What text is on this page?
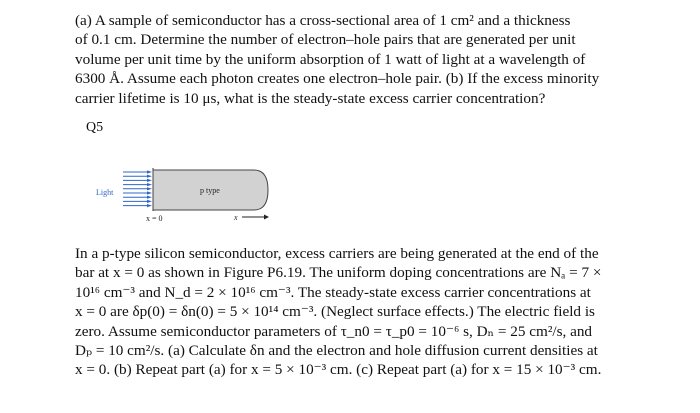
(a) A sample of semiconductor has a cross-sectional area of 1 cm² and a thickness
of 0.1 cm. Determine the number of electron–hole pairs that are generated per unit
volume per unit time by the uniform absorption of 1 watt of light at a wavelength of
6300 Å. Assume each photon creates one electron–hole pair. (b) If the excess minority
carrier lifetime is 10 μs, what is the steady-state excess carrier concentration?
Q5
Light	p type
x = 0	x
In a p-type silicon semiconductor, excess carriers are being generated at the end of the
bar at x = 0 as shown in Figure P6.19. The uniform doping concentrations are Nₐ = 7 ×
10¹⁶ cm⁻³ and N_d = 2 × 10¹⁶ cm⁻³. The steady-state excess carrier concentrations at
x = 0 are δp(0) = δn(0) = 5 × 10¹⁴ cm⁻³. (Neglect surface effects.) The electric field is
zero. Assume semiconductor parameters of τ_n0 = τ_p0 = 10⁻⁶ s, Dₙ = 25 cm²/s, and
Dₚ = 10 cm²/s. (a) Calculate δn and the electron and hole diffusion current densities at
x = 0. (b) Repeat part (a) for x = 5 × 10⁻³ cm. (c) Repeat part (a) for x = 15 × 10⁻³ cm.
